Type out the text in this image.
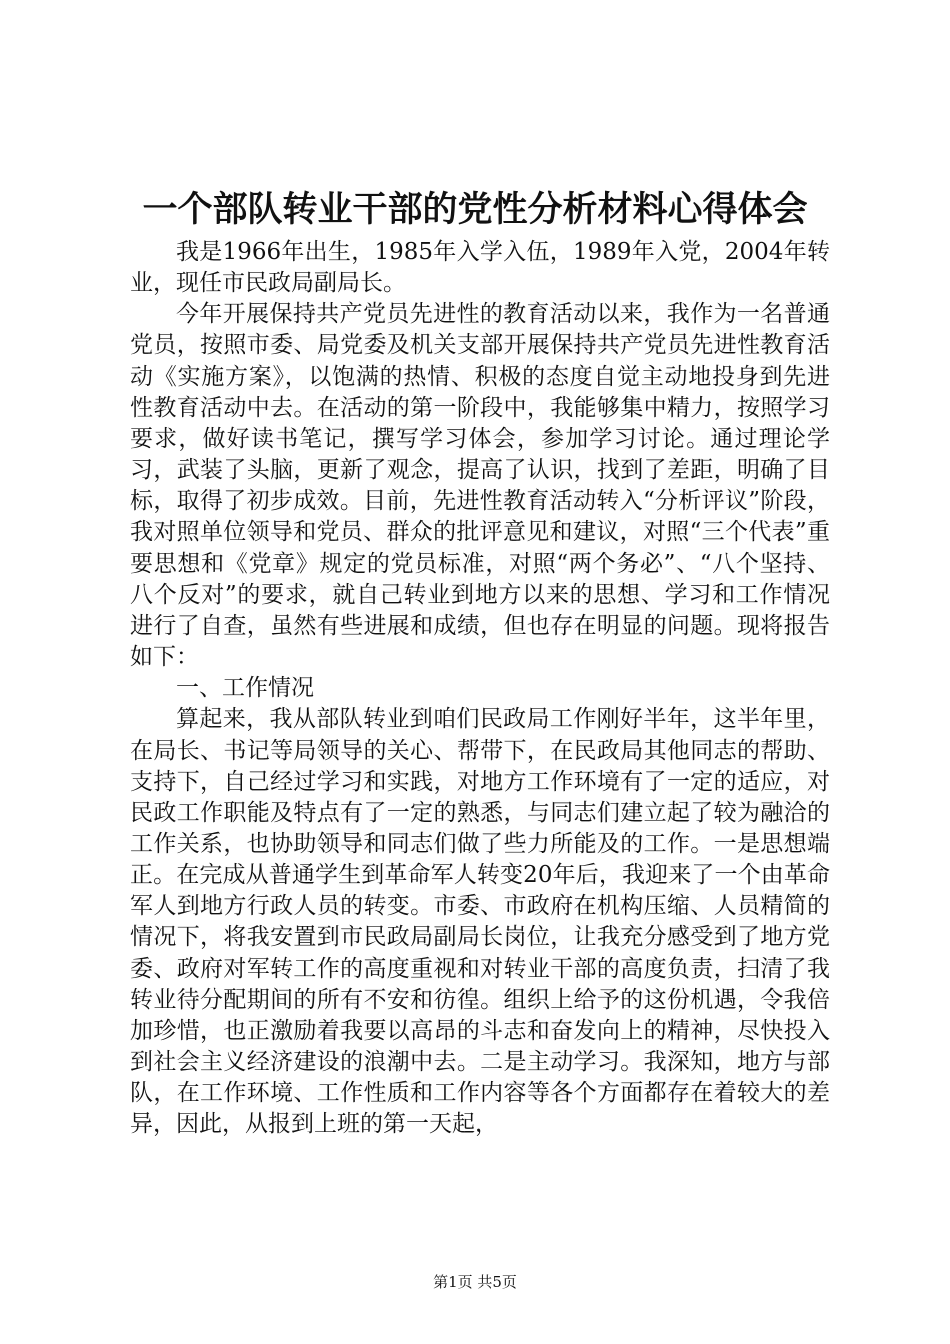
一个部队转业干部的党性分析材料心得体会

我是1966年出生，1985年入学入伍，1989年入党，2004年转业，现任市民政局副局长。

今年开展保持共产党员先进性的教育活动以来，我作为一名普通党员，按照市委、局党委及机关支部开展保持共产党员先进性教育活动《实施方案》，以饱满的热情、积极的态度自觉主动地投身到先进性教育活动中去。在活动的第一阶段中，我能够集中精力，按照学习要求，做好读书笔记，撰写学习体会，参加学习讨论。通过理论学习，武装了头脑，更新了观念，提高了认识，找到了差距，明确了目标，取得了初步成效。目前，先进性教育活动转入“分析评议”阶段，我对照单位领导和党员、群众的批评意见和建议，对照“三个代表”重要思想和《党章》规定的党员标准，对照“两个务必”、“八个坚持、八个反对”的要求，就自己转业到地方以来的思想、学习和工作情况进行了自查，虽然有些进展和成绩，但也存在明显的问题。现将报告如下：

一、工作情况

算起来，我从部队转业到咱们民政局工作刚好半年，这半年里，在局长、书记等局领导的关心、帮带下，在民政局其他同志的帮助、支持下，自己经过学习和实践，对地方工作环境有了一定的适应，对民政工作职能及特点有了一定的熟悉，与同志们建立起了较为融洽的工作关系，也协助领导和同志们做了些力所能及的工作。一是思想端正。在完成从普通学生到革命军人转变20年后，我迎来了一个由革命军人到地方行政人员的转变。市委、市政府在机构压缩、人员精简的情况下，将我安置到市民政局副局长岗位，让我充分感受到了地方党委、政府对军转工作的高度重视和对转业干部的高度负责，扫清了我转业待分配期间的所有不安和彷徨。组织上给予的这份机遇，令我倍加珍惜，也正激励着我要以高昂的斗志和奋发向上的精神，尽快投入到社会主义经济建设的浪潮中去。二是主动学习。我深知，地方与部队，在工作环境、工作性质和工作内容等各个方面都存在着较大的差异，因此，从报到上班的第一天起，

第1页 共5页
